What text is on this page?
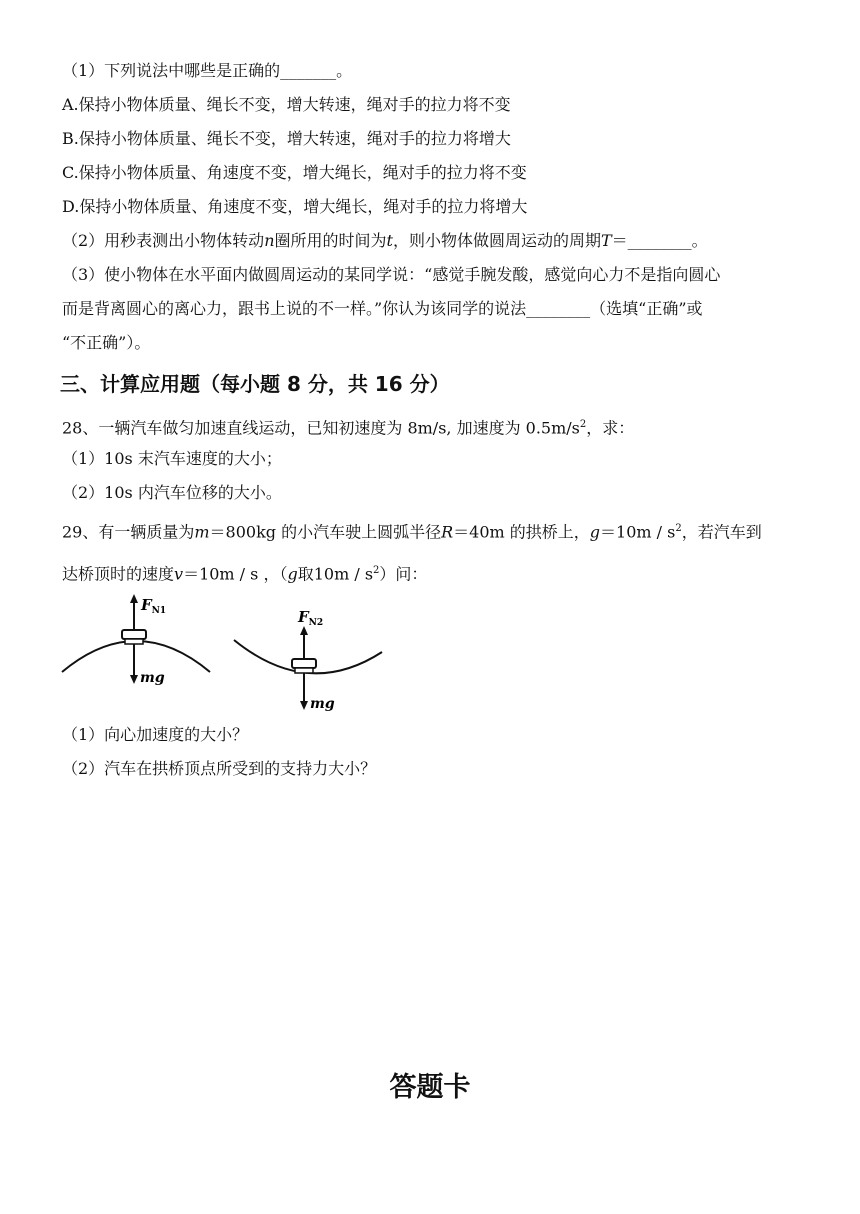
（1）下列说法中哪些是正确的_______。
A.保持小物体质量、绳长不变，增大转速，绳对手的拉力将不变
B.保持小物体质量、绳长不变，增大转速，绳对手的拉力将增大
C.保持小物体质量、角速度不变，增大绳长，绳对手的拉力将不变
D.保持小物体质量、角速度不变，增大绳长，绳对手的拉力将增大
（2）用秒表测出小物体转动n圈所用的时间为t，则小物体做圆周运动的周期T＝________。
（3）使小物体在水平面内做圆周运动的某同学说：“感觉手腕发酸，感觉向心力不是指向圆心
而是背离圆心的离心力，跟书上说的不一样。”你认为该同学的说法________（选填“正确”或
“不正确”）。
三、计算应用题（每小题 8 分，共 16 分）
28、一辆汽车做匀加速直线运动，已知初速度为 8m/s, 加速度为 $0.5m/s^2$，求：
（1）10s 末汽车速度的大小；
（2）10s 内汽车位移的大小。
29、有一辆质量为m＝800kg 的小汽车驶上圆弧半径R＝40m 的拱桥上，$g=10m / s^2$，若汽车到
达桥顶时的速度v＝10m / s ，（g取$10m / s^2$）问：
$F_{N1}$
mg
$F_{N2}$
mg
（1）向心加速度的大小？
（2）汽车在拱桥顶点所受到的支持力大小？
答题卡
